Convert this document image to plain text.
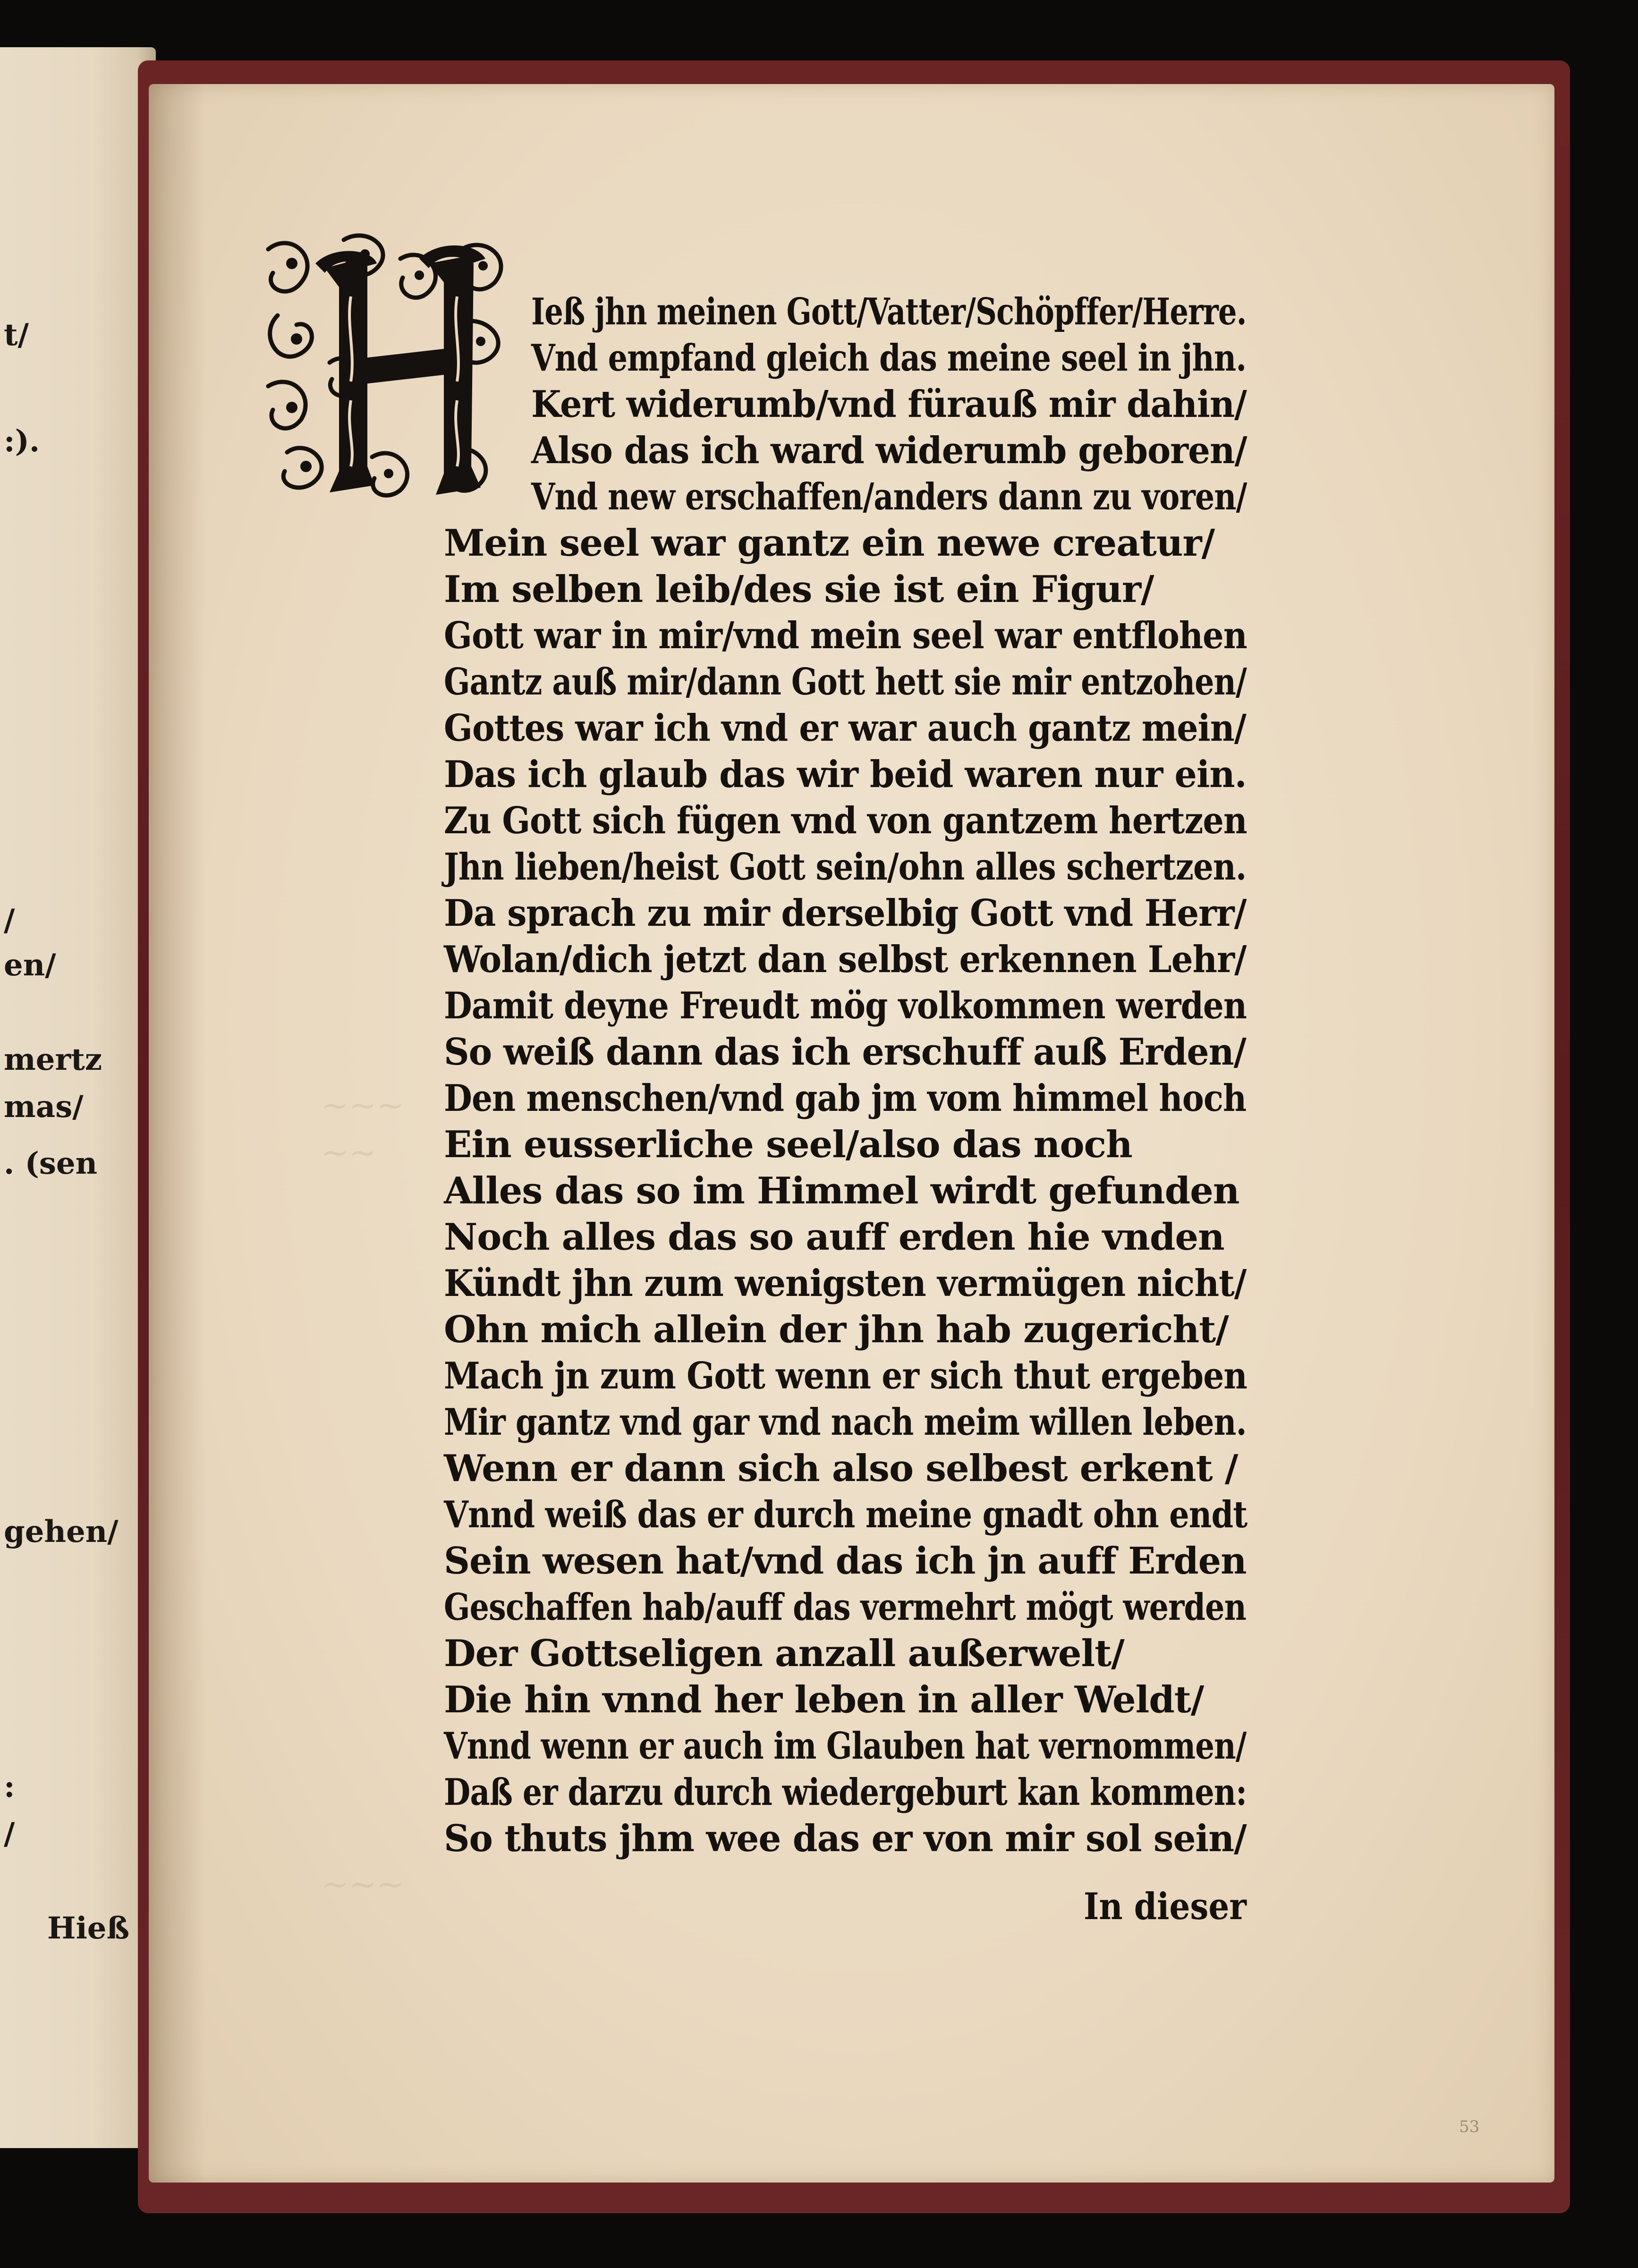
t/
:).
/
en/
mertz
mas/
. (sen
gehen/
:
/
Hieß
~~~
~~
~~~
Ieß jhn meinen Gott/Vatter/Schöpffer/Herre.
Vnd empfand gleich das meine seel in jhn.
Kert widerumb/vnd fürauß mir dahin/
Also das ich ward widerumb geboren/
Vnd new erschaffen/anders dann zu voren/
Mein seel war gantz ein newe creatur/
Im selben leib/des sie ist ein Figur/
Gott war in mir/vnd mein seel war entflohen
Gantz auß mir/dann Gott hett sie mir entzohen/
Gottes war ich vnd er war auch gantz mein/
Das ich glaub das wir beid waren nur ein.
Zu Gott sich fügen vnd von gantzem hertzen
Jhn lieben/heist Gott sein/ohn alles schertzen.
Da sprach zu mir derselbig Gott vnd Herr/
Wolan/dich jetzt dan selbst erkennen Lehr/
Damit deyne Freudt mög volkommen werden
So weiß dann das ich erschuff auß Erden/
Den menschen/vnd gab jm vom himmel hoch
Ein eusserliche seel/also das noch
Alles das so im Himmel wirdt gefunden
Noch alles das so auff erden hie vnden
Kündt jhn zum wenigsten vermügen nicht/
Ohn mich allein der jhn hab zugericht/
Mach jn zum Gott wenn er sich thut ergeben
Mir gantz vnd gar vnd nach meim willen leben.
Wenn er dann sich also selbest erkent /
Vnnd weiß das er durch meine gnadt ohn endt
Sein wesen hat/vnd das ich jn auff Erden
Geschaffen hab/auff das vermehrt mögt werden
Der Gottseligen anzall außerwelt/
Die hin vnnd her leben in aller Weldt/
Vnnd wenn er auch im Glauben hat vernommen/
Daß er darzu durch wiedergeburt kan kommen:
So thuts jhm wee das er von mir sol sein/
In dieser
53
